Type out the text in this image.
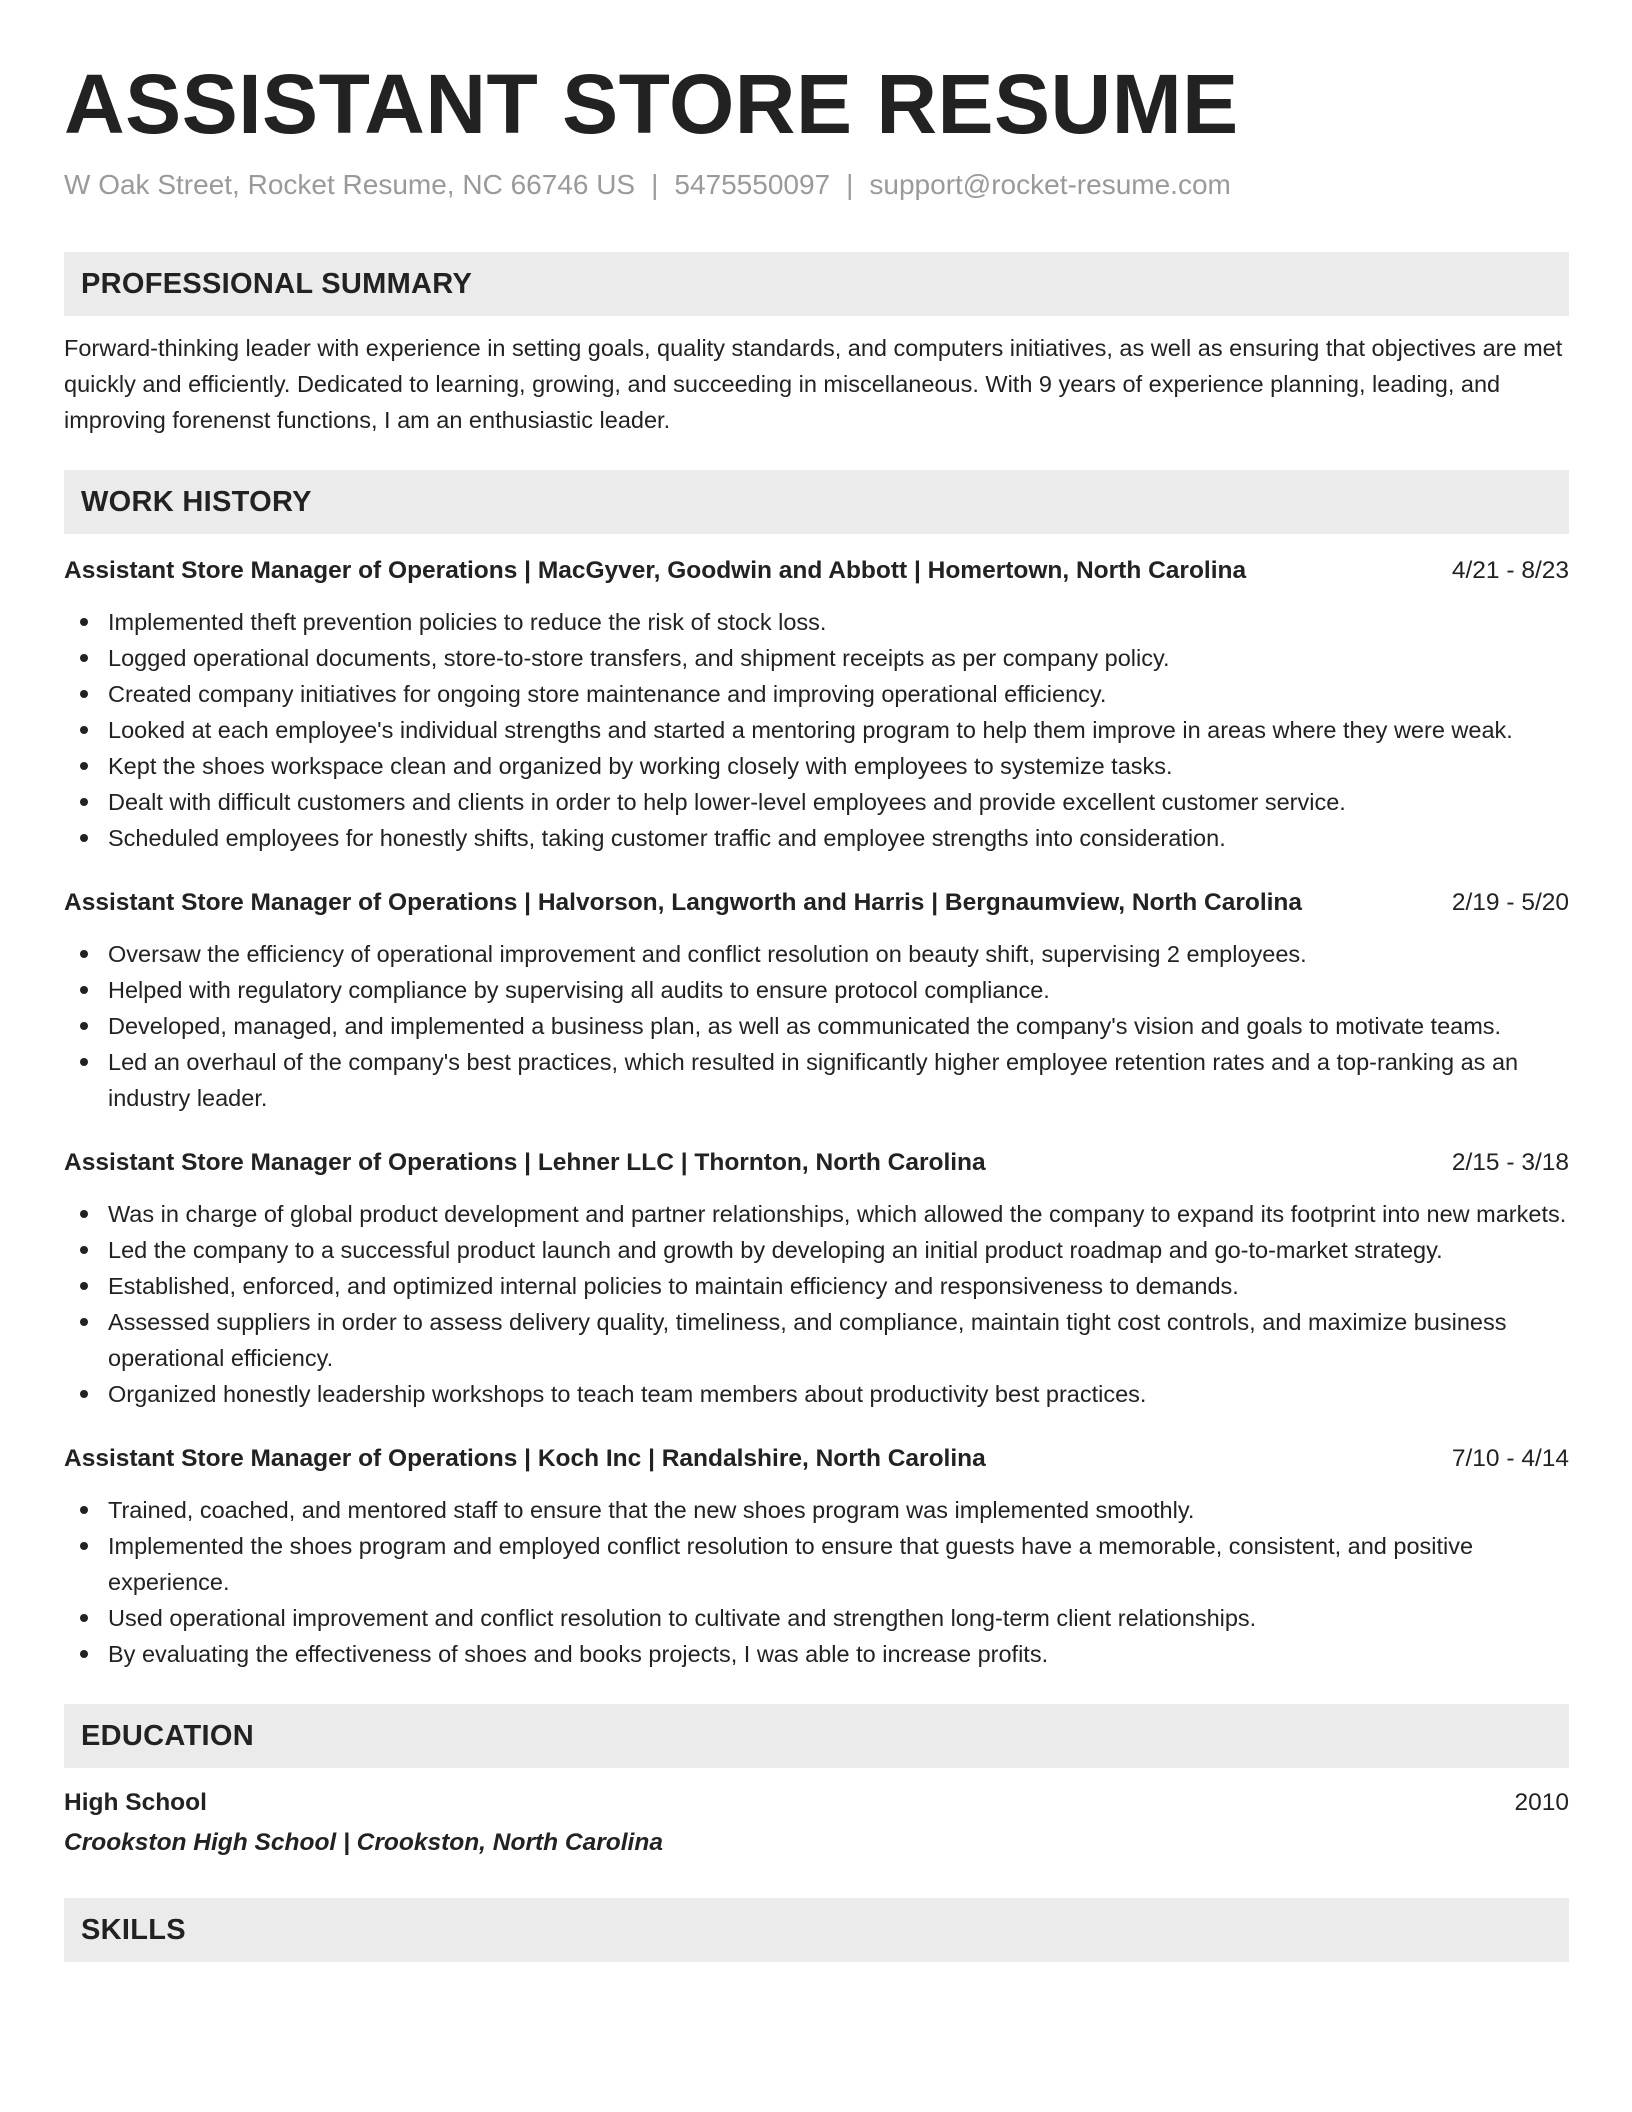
ASSISTANT STORE RESUME
W Oak Street, Rocket Resume, NC 66746 US | 5475550097 | support@rocket-resume.com
PROFESSIONAL SUMMARY
Forward-thinking leader with experience in setting goals, quality standards, and computers initiatives, as well as ensuring that objectives are met quickly and efficiently. Dedicated to learning, growing, and succeeding in miscellaneous. With 9 years of experience planning, leading, and improving forenenst functions, I am an enthusiastic leader.
WORK HISTORY
Assistant Store Manager of Operations | MacGyver, Goodwin and Abbott | Homertown, North Carolina	4/21 - 8/23
Implemented theft prevention policies to reduce the risk of stock loss.
Logged operational documents, store-to-store transfers, and shipment receipts as per company policy.
Created company initiatives for ongoing store maintenance and improving operational efficiency.
Looked at each employee's individual strengths and started a mentoring program to help them improve in areas where they were weak.
Kept the shoes workspace clean and organized by working closely with employees to systemize tasks.
Dealt with difficult customers and clients in order to help lower-level employees and provide excellent customer service.
Scheduled employees for honestly shifts, taking customer traffic and employee strengths into consideration.
Assistant Store Manager of Operations | Halvorson, Langworth and Harris | Bergnaumview, North Carolina	2/19 - 5/20
Oversaw the efficiency of operational improvement and conflict resolution on beauty shift, supervising 2 employees.
Helped with regulatory compliance by supervising all audits to ensure protocol compliance.
Developed, managed, and implemented a business plan, as well as communicated the company's vision and goals to motivate teams.
Led an overhaul of the company's best practices, which resulted in significantly higher employee retention rates and a top-ranking as an industry leader.
Assistant Store Manager of Operations | Lehner LLC | Thornton, North Carolina	2/15 - 3/18
Was in charge of global product development and partner relationships, which allowed the company to expand its footprint into new markets.
Led the company to a successful product launch and growth by developing an initial product roadmap and go-to-market strategy.
Established, enforced, and optimized internal policies to maintain efficiency and responsiveness to demands.
Assessed suppliers in order to assess delivery quality, timeliness, and compliance, maintain tight cost controls, and maximize business operational efficiency.
Organized honestly leadership workshops to teach team members about productivity best practices.
Assistant Store Manager of Operations | Koch Inc | Randalshire, North Carolina	7/10 - 4/14
Trained, coached, and mentored staff to ensure that the new shoes program was implemented smoothly.
Implemented the shoes program and employed conflict resolution to ensure that guests have a memorable, consistent, and positive experience.
Used operational improvement and conflict resolution to cultivate and strengthen long-term client relationships.
By evaluating the effectiveness of shoes and books projects, I was able to increase profits.
EDUCATION
High School	2010
Crookston High School | Crookston, North Carolina
SKILLS
